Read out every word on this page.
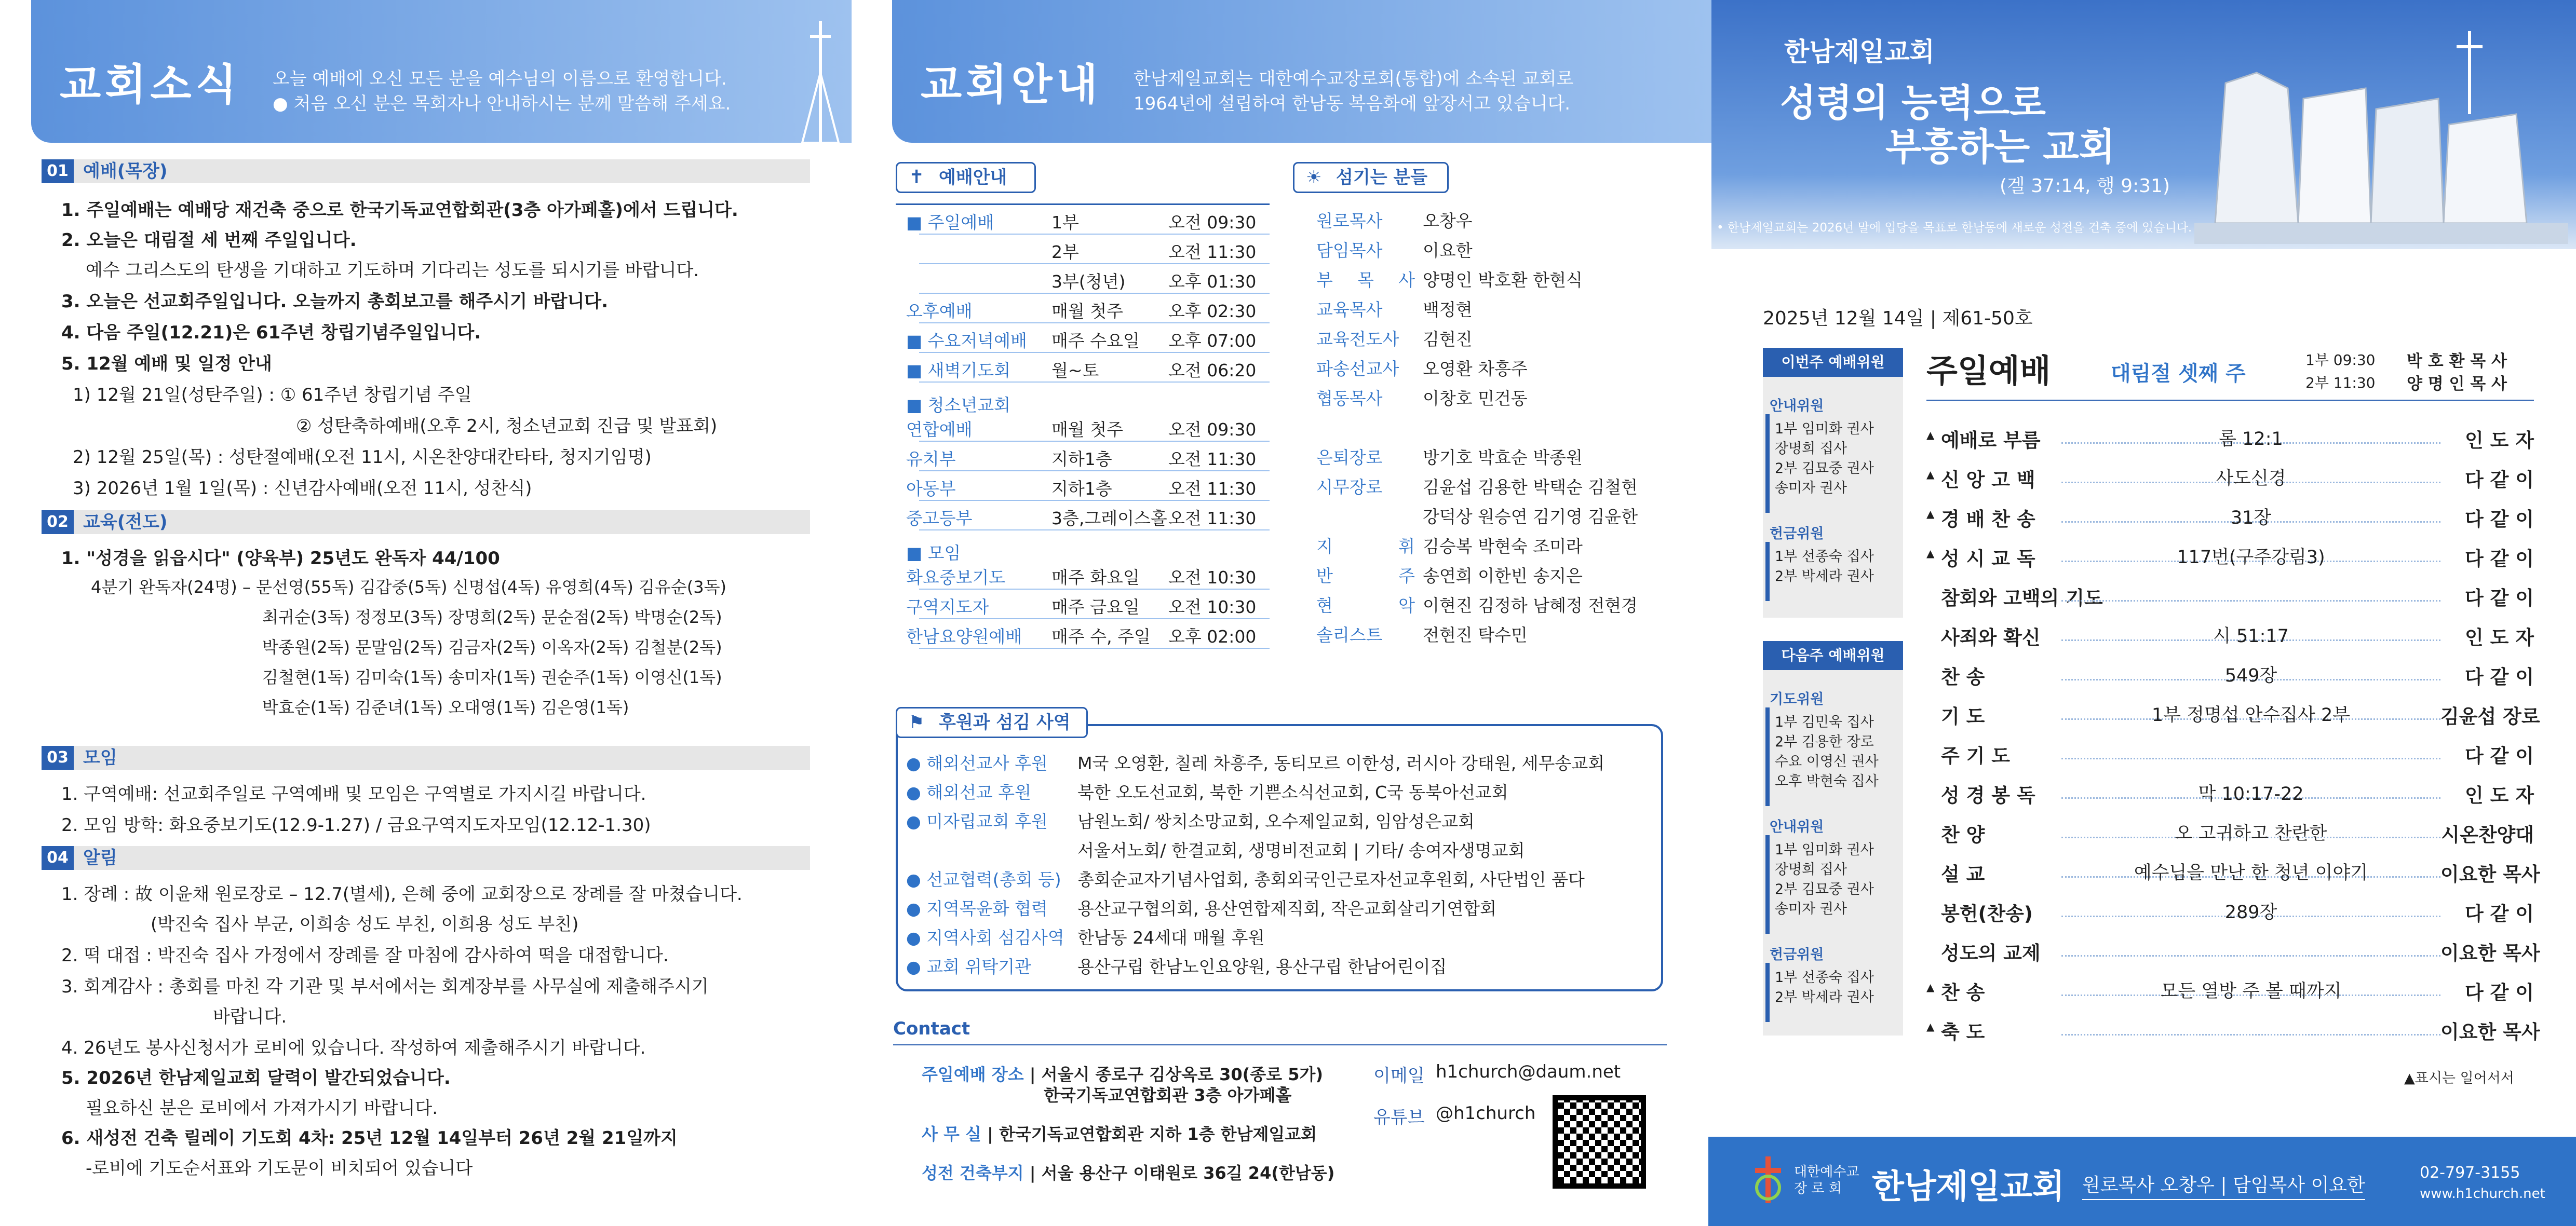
교회소식 오늘 예배에 오신 모든 분을 예수님의 이름으로 환영합니다.
● 처음 오신 분은 목회자나 안내하시는 분께 말씀해 주세요.
01 예배(목장)
1. 주일예배는 예배당 재건축 중으로 한국기독교연합회관(3층 아가페홀)에서 드립니다.
2. 오늘은 대림절 세 번째 주일입니다.
예수 그리스도의 탄생을 기대하고 기도하며 기다리는 성도를 되시기를 바랍니다.
3. 오늘은 선교회주일입니다. 오늘까지 총회보고를 해주시기 바랍니다.
4. 다음 주일(12.21)은 61주년 창립기념주일입니다.
5. 12월 예배 및 일정 안내
1) 12월 21일(성탄주일) : ① 61주년 창립기념 주일
② 성탄축하예배(오후 2시, 청소년교회 진급 및 발표회)
2) 12월 25일(목) : 성탄절예배(오전 11시, 시온찬양대칸타타, 청지기임명)
3) 2026년 1월 1일(목) : 신년감사예배(오전 11시, 성찬식)
02 교육(전도)
1. "성경을 읽읍시다" (양육부) 25년도 완독자 44/100
4분기 완독자(24명) – 문선영(55독) 김갑중(5독) 신명섭(4독) 유영희(4독) 김유순(3독)
최귀순(3독) 정정모(3독) 장명희(2독) 문순점(2독) 박명순(2독)
박종원(2독) 문말임(2독) 김금자(2독) 이옥자(2독) 김철분(2독)
김철현(1독) 김미숙(1독) 송미자(1독) 권순주(1독) 이영신(1독)
박효순(1독) 김준녀(1독) 오대영(1독) 김은영(1독)
03 모임
1. 구역예배: 선교회주일로 구역예배 및 모임은 구역별로 가지시길 바랍니다.
2. 모임 방학: 화요중보기도(12.9-1.27) / 금요구역지도자모임(12.12-1.30)
04 알림
1. 장례 : 故 이윤채 원로장로 – 12.7(별세), 은혜 중에 교회장으로 장례를 잘 마쳤습니다.
(박진숙 집사 부군, 이희송 성도 부친, 이희용 성도 부친)
2. 떡 대접 : 박진숙 집사 가정에서 장례를 잘 마침에 감사하여 떡을 대접합니다.
3. 회계감사 : 총회를 마친 각 기관 및 부서에서는 회계장부를 사무실에 제출해주시기
바랍니다.
4. 26년도 봉사신청서가 로비에 있습니다. 작성하여 제출해주시기 바랍니다.
5. 2026년 한남제일교회 달력이 발간되었습니다.
필요하신 분은 로비에서 가져가시기 바랍니다.
6. 새성전 건축 릴레이 기도회 4차: 25년 12월 14일부터 26년 2월 21일까지
-로비에 기도순서표와 기도문이 비치되어 있습니다
교회안내 한남제일교회는 대한예수교장로회(통합)에 소속된 교회로
1964년에 설립하여 한남동 복음화에 앞장서고 있습니다.
✝ 예배안내
■ 주일예배	1부	오전 09:30
2부	오전 11:30
3부(청년)	오후 01:30
오후예배	매월 첫주	오후 02:30
■ 수요저녁예배 매주 수요일 오후 07:00
■ 새벽기도회 월~토	오전 06:20
■ 청소년교회
연합예배	매월 첫주	오전 09:30
유치부	지하1층	오전 11:30
아동부	지하1층	오전 11:30
중고등부	3층,그레이스홀 오전 11:30
■ 모임
화요중보기도	매주 화요일 오전 10:30
구역지도자	매주 금요일 오전 10:30
한남요양원예배 매주 수, 주일 오후 02:00
☀ 섬기는 분들
원로목사	오창우
담임목사	이요한
부 목 사 양명인 박호환 한현식
교육목사	백정현
교육전도사	김현진
파송선교사	오영환 차흥주
협동목사	이창호 민건동
은퇴장로	방기호 박효순 박종원
시무장로	김윤섭 김용한 박택순 김철현
강덕상 원승연 김기영 김윤한
지 휘 김승복 박현숙 조미라
반 주 송연희 이한빈 송지은
현 악 이현진 김정하 남혜정 전현경
솔리스트	전현진 탁수민
⚑ 후원과 섬김 사역
● 해외선교사 후원 M국 오영환, 칠레 차흥주, 동티모르 이한성, 러시아 강태원, 세무송교회
● 해외선교 후원	북한 오도선교회, 북한 기쁜소식선교회, C국 동북아선교회
● 미자립교회 후원 남원노회/ 쌍치소망교회, 오수제일교회, 임암성은교회
서울서노회/ 한결교회, 생명비전교회 | 기타/ 송여자생명교회
● 선교협력(총회 등) 총회순교자기념사업회, 총회외국인근로자선교후원회, 사단법인 품다
● 지역목윤화 협력 용산교구협의회, 용산연합제직회, 작은교회살리기연합회
● 지역사회 섬김사역 한남동 24세대 매월 후원
● 교회 위탁기관	용산구립 한남노인요양원, 용산구립 한남어린이집
Contact
주일예배 장소 | 서울시 종로구 김상옥로 30(종로 5가)
한국기독교연합회관 3층 아가페홀
사 무 실 | 한국기독교연합회관 지하 1층 한남제일교회
성전 건축부지 | 서울 용산구 이태원로 36길 24(한남동)
이메일 h1church@daum.net
유튜브 @h1church
한남제일교회
성령의 능력으로
부흥하는 교회
(겔 37:14, 행 9:31)
• 한남제일교회는 2026년 말에 입당을 목표로 한남동에 새로운 성전을 건축 중에 있습니다.
2025년 12월 14일 | 제61-50호
이번주 예배위원
다음주 예배위원
안내위원
1부 임미화 권사
장명희 집사
2부 김묘중 권사
송미자 권사
헌금위원
1부 선종숙 집사
2부 박세라 권사
기도위원
1부 김민욱 집사
2부 김용한 장로
수요 이영신 권사
오후 박현숙 집사
안내위원
1부 임미화 권사
장명희 집사
2부 김묘중 권사
송미자 권사
헌금위원
1부 선종숙 집사
2부 박세라 권사
주일예배	대림절 셋째 주
1부 09:30 박 호 환 목 사
2부 11:30 양 명 인 목 사
▲ 예배로 부름	롬 12:1	인 도 자
▲ 신 앙 고 백	사도신경	다 같 이
▲ 경 배 찬 송	31장	다 같 이
▲ 성 시 교 독	117번(구주강림3)	다 같 이
참회와 고백의 기도	다 같 이
사죄와 확신	시 51:17	인 도 자
찬 송	549장	다 같 이
기 도	1부 정명섭 안수집사 2부	김윤섭 장로
주 기 도	다 같 이
성 경 봉 독	막 10:17-22	인 도 자
찬 양	오 고귀하고 찬란한	시온찬양대
설 교	예수님을 만난 한 청년 이야기	이요한 목사
봉헌(찬송)	289장	다 같 이
성도의 교제	이요한 목사
▲ 찬 송	모든 열방 주 볼 때까지	다 같 이
▲ 축 도	이요한 목사
▲표시는 일어서서
대한예수교
장 로 회 한남제일교회 원로목사 오창우 | 담임목사 이요한
02-797-3155
www.h1church.net
